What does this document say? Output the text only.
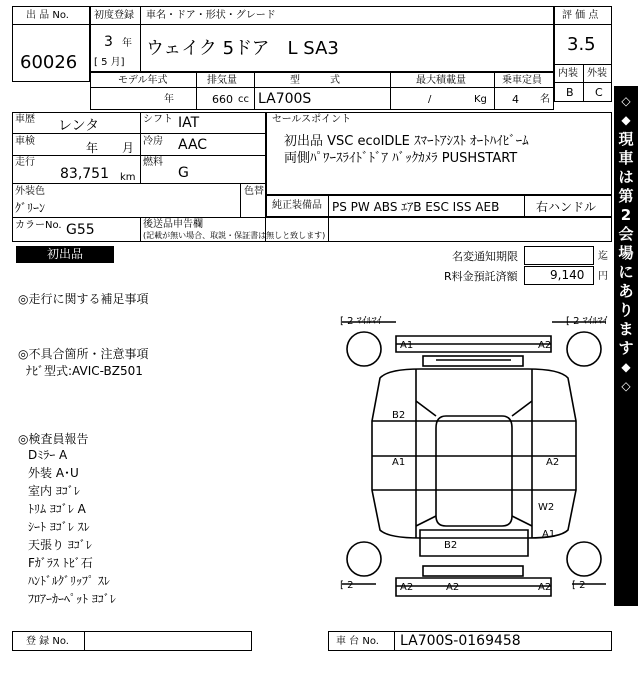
出 品 No.
60026
初度登録
3 年
[ 5 月]
車名・ドア・形状・グレード
ウェイク 5ドア　L SA3
評 価 点
3.5
内装 外装
B C
モデル年式
年
排気量
660 cc
型　　　式
LA700S
最大積載量
/	Kg
乗車定員
4 名
車歴 レンタ	シフト IAT
車検	年 月 冷房 AAC
走行
83,751 km
燃料
G
外装色
ｸﾞﾘｰﾝ
色替
カラーNo. G55	後送品申告欄
(記載が無い場合、取説・保証書は無しと致します)
セールスポイント
初出品 VSC ecoIDLE ｽﾏｰﾄｱｼｽﾄ ｵｰﾄﾊｲﾋﾞｰﾑ
両側ﾊﾟﾜｰｽﾗｲﾄﾞﾄﾞｱ ﾊﾞｯｸｶﾒﾗ PUSHSTART
純正装備品 PS PW ABS ｴｱB ESC ISS AEB	右ハンドル
初出品	名変通知期限	迄
R料金預託済額	9,140 円
◎走行に関する補足事項
◎不具合箇所・注意事項
ﾅﾋﾞ型式:AVIC-BZ501
◎検査員報告
Dﾐﾗｰ A
外装 A･U
室内 ﾖｺﾞﾚ
ﾄﾘﾑ ﾖｺﾞﾚ A
ｼｰﾄ ﾖｺﾞﾚ ｽﾚ
天張り ﾖｺﾞﾚ
Fｶﾞﾗｽ ﾄﾋﾞ石
ﾊﾝﾄﾞﾙｸﾞﾘｯﾌﾟ ｽﾚ
ﾌﾛｱｰｶｰﾍﾟｯﾄ ﾖｺﾞﾚ
[ 2 ﾏｲﾙﾏｲ	[ 2 ﾏｲﾙﾏｲ
[ 2	[ 2
A1	A2
B2
A1	A2
W2
A1
B2
A2	A2	A2
登 録 No.	車 台 No. LA700S-0169458
◇
◆
現
車
は
第
2
会
場
に
あ
り
ま
す
◆
◇
